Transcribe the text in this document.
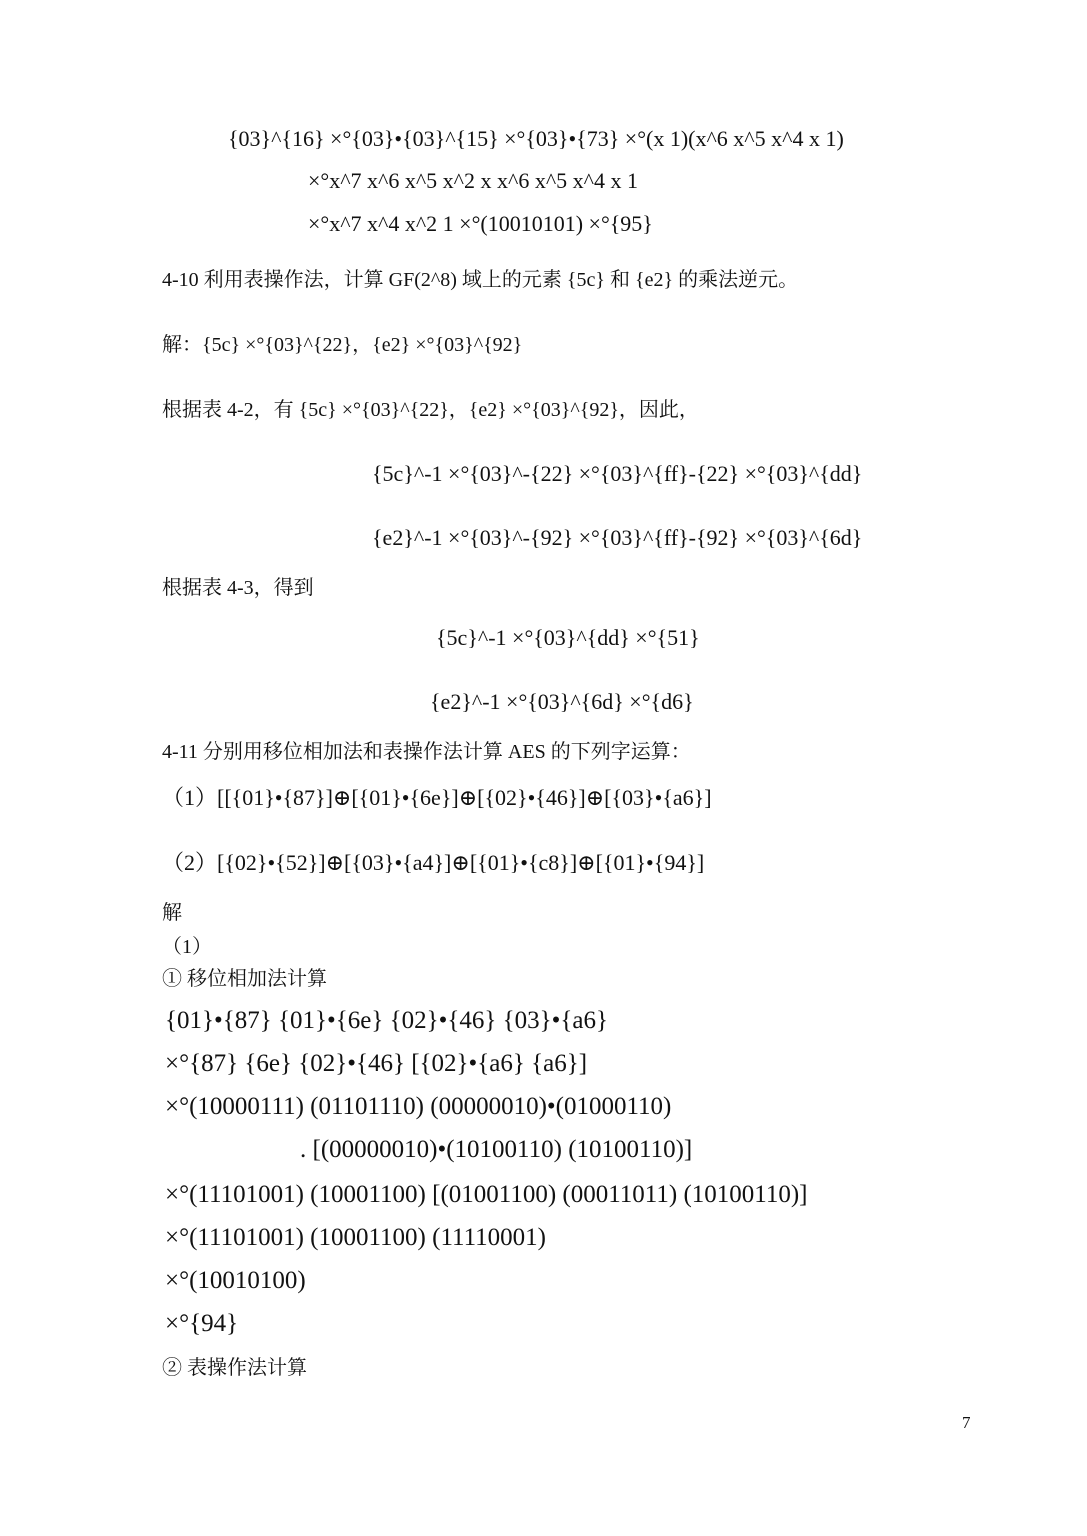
{03}^{16} ×°{03}•{03}^{15} ×°{03}•{73} ×°(x 1)(x^6 x^5 x^4 x 1)
×°x^7 x^6 x^5 x^2 x x^6 x^5 x^4 x 1
×°x^7 x^4 x^2 1 ×°(10010101) ×°{95}
4-10 利用表操作法，计算 GF(2^8) 域上的元素 {5c} 和 {e2} 的乘法逆元。
解：{5c} ×°{03}^{22}，{e2} ×°{03}^{92}
根据表 4-2，有 {5c} ×°{03}^{22}，{e2} ×°{03}^{92}，因此，
{5c}^-1 ×°{03}^-{22} ×°{03}^{ff}-{22} ×°{03}^{dd}
{e2}^-1 ×°{03}^-{92} ×°{03}^{ff}-{92} ×°{03}^{6d}
根据表 4-3，得到
{5c}^-1 ×°{03}^{dd} ×°{51}
{e2}^-1 ×°{03}^{6d} ×°{d6}
4-11 分别用移位相加法和表操作法计算 AES 的下列字运算：
（1）[[{01}•{87}]⊕[{01}•{6e}]⊕[{02}•{46}]⊕[{03}•{a6}]
（2）[{02}•{52}]⊕[{03}•{a4}]⊕[{01}•{c8}]⊕[{01}•{94}]
解
（1）
① 移位相加法计算
{01}•{87} {01}•{6e} {02}•{46} {03}•{a6}
×°{87} {6e} {02}•{46} [{02}•{a6} {a6}]
×°(10000111) (01101110) (00000010)•(01000110)
. [(00000010)•(10100110) (10100110)]
×°(11101001) (10001100) [(01001100) (00011011) (10100110)]
×°(11101001) (10001100) (11110001)
×°(10010100)
×°{94}
② 表操作法计算
7
